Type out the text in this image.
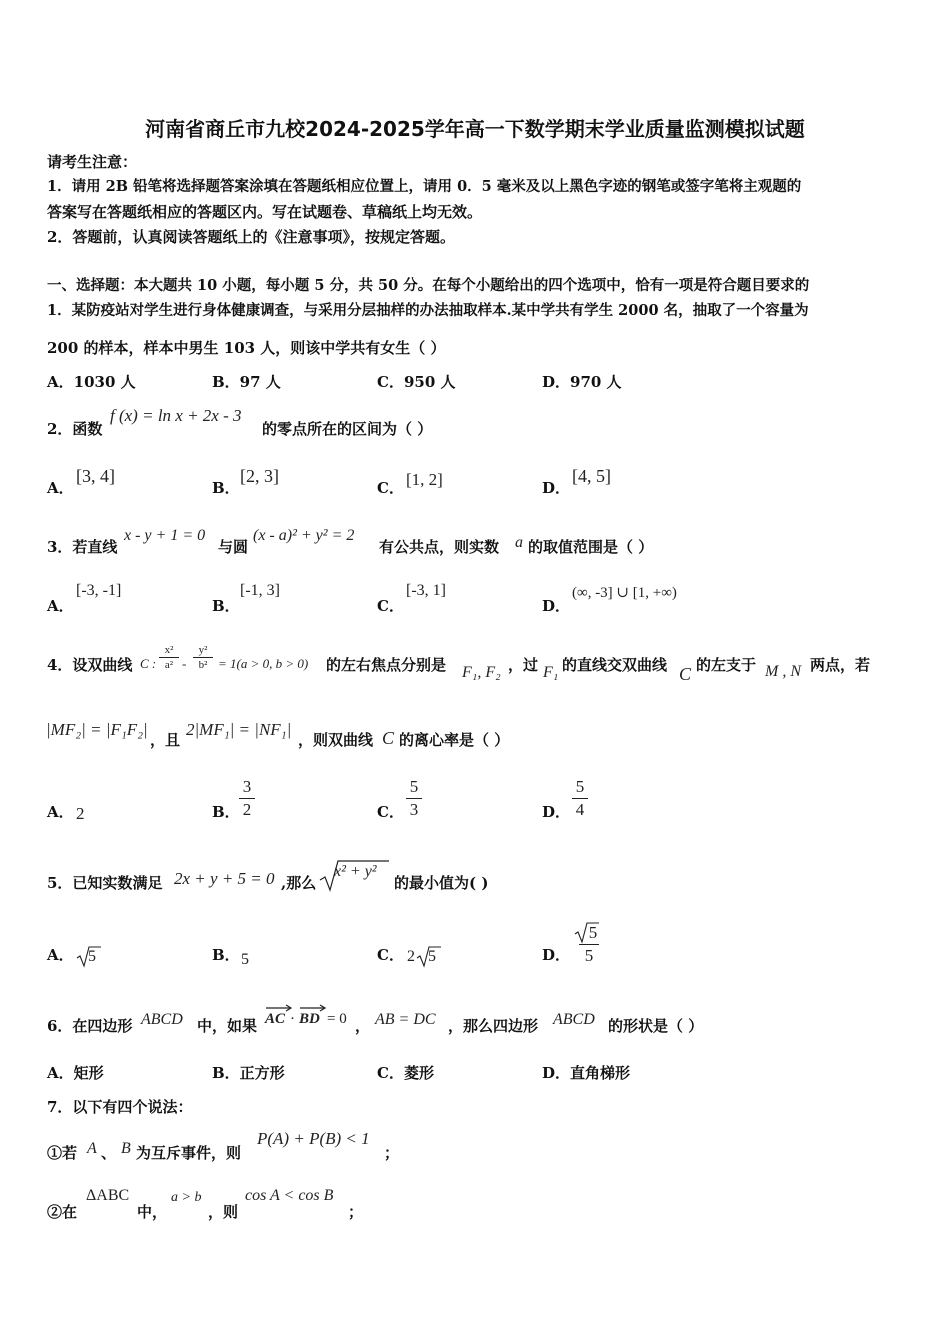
河南省商丘市九校2024-2025学年高一下数学期末学业质量监测模拟试题
请考生注意：
1．请用 2B 铅笔将选择题答案涂填在答题纸相应位置上，请用 0．5 毫米及以上黑色字迹的钢笔或签字笔将主观题的
答案写在答题纸相应的答题区内。写在试题卷、草稿纸上均无效。
2．答题前，认真阅读答题纸上的《注意事项》，按规定答题。
一、选择题：本大题共 10 小题，每小题 5 分，共 50 分。在每个小题给出的四个选项中，恰有一项是符合题目要求的
1．某防疫站对学生进行身体健康调查，与采用分层抽样的办法抽取样本.某中学共有学生 2000 名，抽取了一个容量为
200 的样本，样本中男生 103 人，则该中学共有女生（ ）
A．1030 人	B．97 人	C．950 人	D．970 人
2．函数
f (x) = ln x + 2x - 3
的零点所在的区间为（ ）
A．
[3, 4]
B．
[2, 3]
C． [1, 2]	D．
[4, 5]
3．若直线
x - y + 1 = 0
与圆
(x - a)² + y² = 2
有公共点，则实数 a 的取值范围是（ ）
A．
[-3, -1]
B．
[-1, 3]
C．
[-3, 1]
D．
(∞, -3] ∪ [1, +∞)
4．设双曲线 C :
x²
a² -
y²
b² = 1(a > 0, b > 0) 的左右焦点分别是 F₁, F₂ ，过 F₁ 的直线交双曲线 C 的左支于 M , N 两点，若
|MF₂| = |F₁F₂|
，且
2|MF₁| = |NF₁|
，则双曲线 C 的离心率是（ ）
A． 2	B．
3
2	C．
5
3	D．
5
4
5．已知实数满足 2x + y + 5 = 0 ,那么
x² + y²
的最小值为( )
A． 5	B． 5	C． 2 5	D．
5
5
6．在四边形 ABCD 中，如果 AC · BD = 0 ， AB = DC ，那么四边形 ABCD 的形状是（ ）
A．矩形	B．正方形	C．菱形	D．直角梯形
7．以下有四个说法：
①若 A 、 B 为互斥事件，则
P(A) + P(B) < 1
；
②在
ΔABC
中，
a > b
，则
cos A < cos B
；
